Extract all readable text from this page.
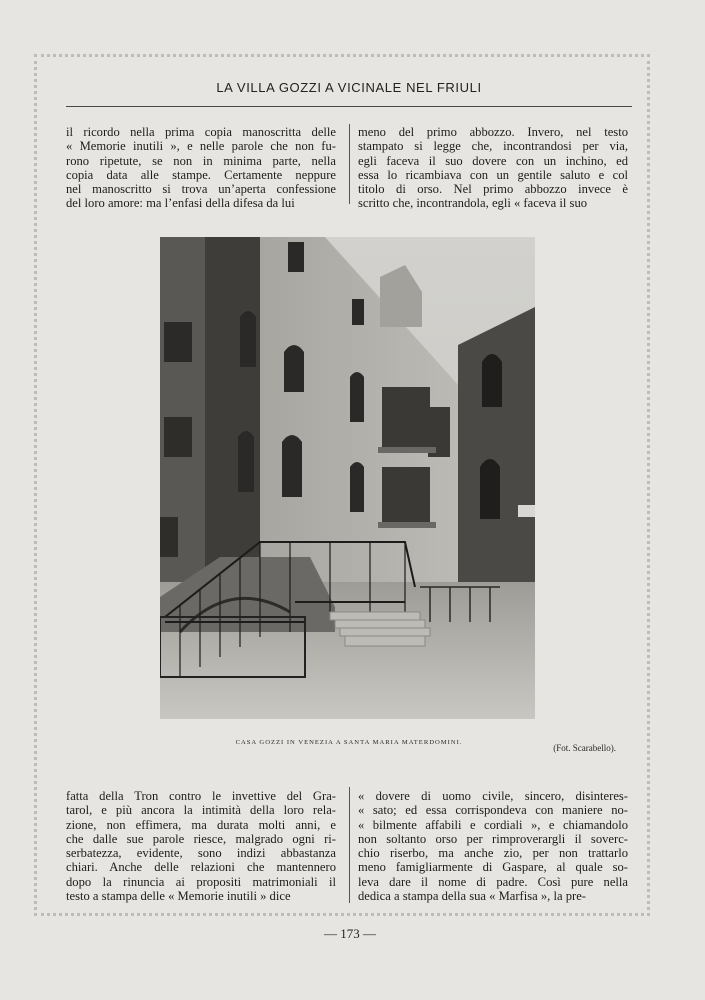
LA VILLA GOZZI A VICINALE NEL FRIULI
il ricordo nella prima copia manoscritta delle
« Memorie inutili », e nelle parole che non fu-
rono ripetute, se non in minima parte, nella
copia data alle stampe. Certamente neppure
nel manoscritto si trova un’aperta confessione
del loro amore: ma l’enfasi della difesa da lui
meno del primo abbozzo. Invero, nel testo
stampato si legge che, incontrandosi per via,
egli faceva il suo dovere con un inchino, ed
essa lo ricambiava con un gentile saluto e col
titolo di orso. Nel primo abbozzo invece è
scritto che, incontrandola, egli « faceva il suo
CASA GOZZI IN VENEZIA A SANTA MARIA MATERDOMINI.
(Fot. Scarabello).
fatta della Tron contro le invettive del Gra-
tarol, e più ancora la intimità della loro rela-
zione, non effimera, ma durata molti anni, e
che dalle sue parole riesce, malgrado ogni ri-
serbatezza, evidente, sono indizi abbastanza
chiari. Anche delle relazioni che mantennero
dopo la rinuncia ai propositi matrimoniali il
testo a stampa delle « Memorie inutili » dice
« dovere di uomo civile, sincero, disinteres-
« sato; ed essa corrispondeva con maniere no-
« bilmente affabili e cordiali », e chiamandolo
non soltanto orso per rimproverargli il soverc-
chio riserbo, ma anche zio, per non trattarlo
meno famigliarmente di Gaspare, al quale so-
leva dare il nome di padre. Così pure nella
dedica a stampa della sua « Marfisa », la pre-
— 173 —
